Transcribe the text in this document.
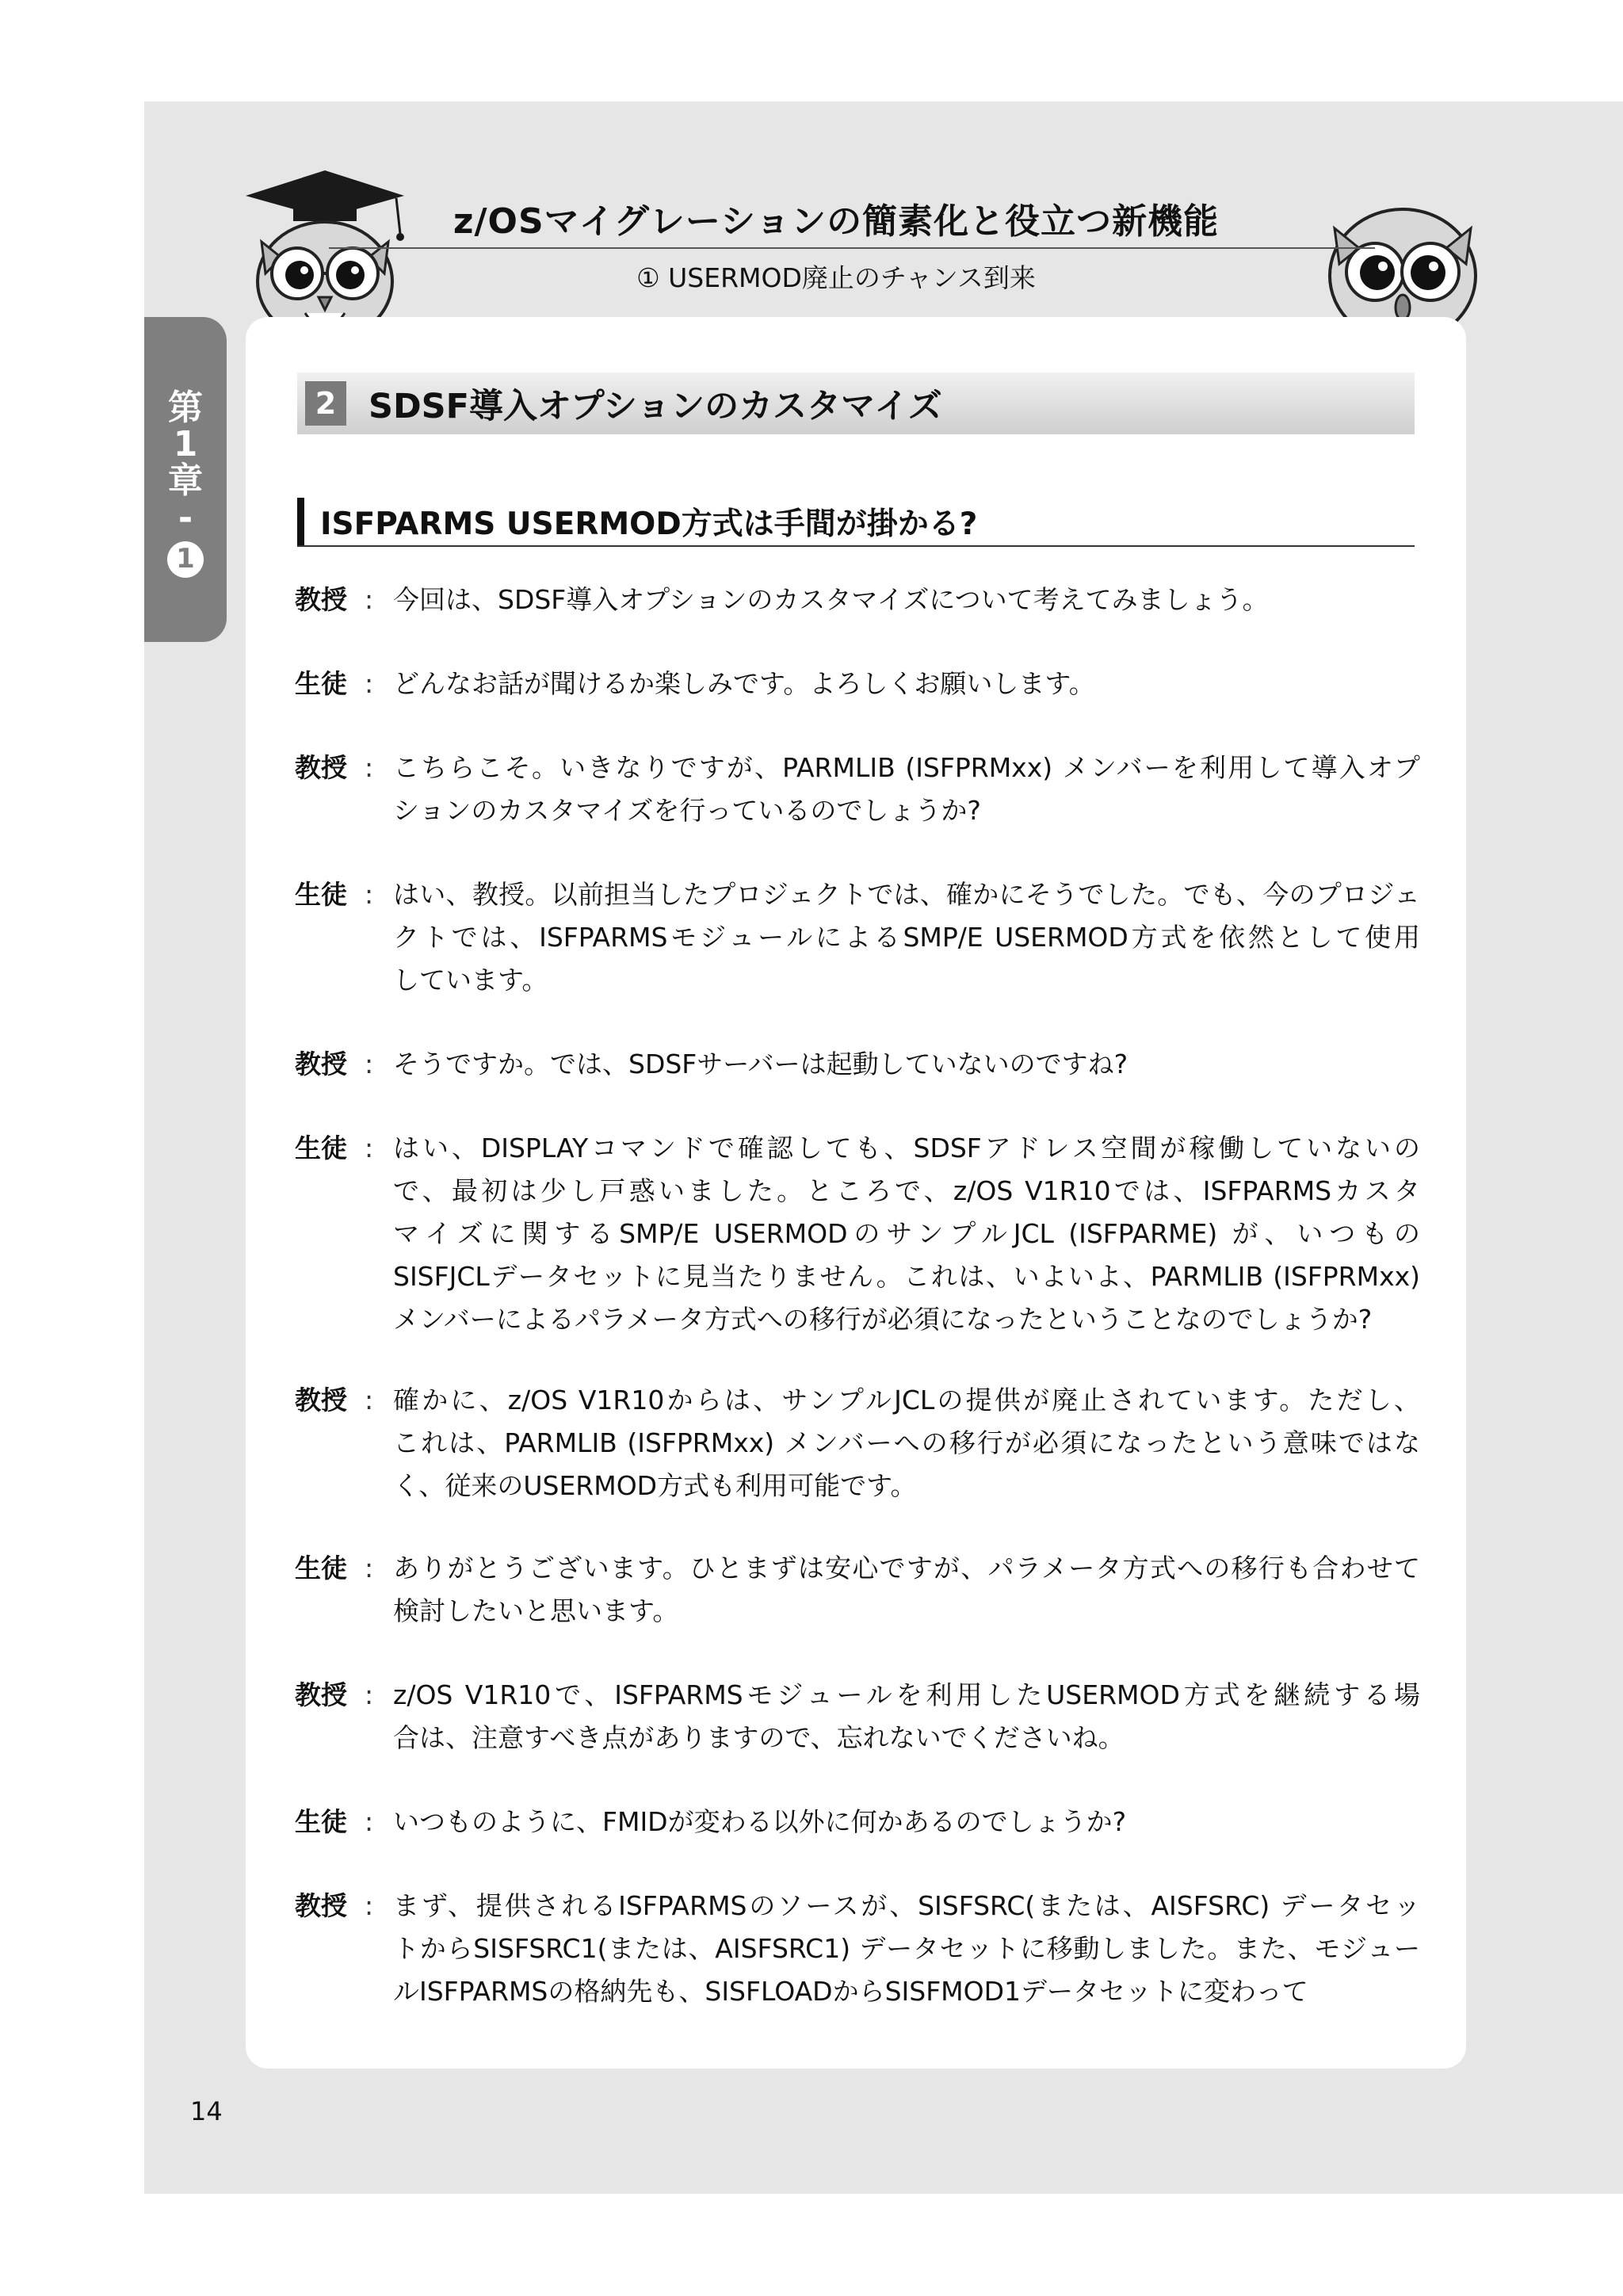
第
1
章
-
1
z/OSマイグレーションの簡素化と役立つ新機能
① USERMOD廃止のチャンス到来
2 SDSF導入オプションのカスタマイズ
ISFPARMS USERMOD方式は手間が掛かる?
教授 : 今回は、SDSF導入オプションのカスタマイズについて考えてみましょう。
生徒 : どんなお話が聞けるか楽しみです。よろしくお願いします。
教授 : こちらこそ。いきなりですが、PARMLIB (ISFPRMxx) メンバーを利用して導入オプ
ションのカスタマイズを行っているのでしょうか?
生徒 : はい、教授。以前担当したプロジェクトでは、確かにそうでした。でも、今のプロジェ
クトでは、ISFPARMSモジュールによるSMP/E USERMOD方式を依然として使用
しています。
教授 : そうですか。では、SDSFサーバーは起動していないのですね?
生徒 : はい、DISPLAYコマンドで確認しても、SDSFアドレス空間が稼働していないの
で、最初は少し戸惑いました。ところで、z/OS V1R10では、ISFPARMSカスタ
マイズに関するSMP/E USERMODのサンプルJCL (ISFPARME) が、いつもの
SISFJCLデータセットに見当たりません。これは、いよいよ、PARMLIB (ISFPRMxx)
メンバーによるパラメータ方式への移行が必須になったということなのでしょうか?
教授 : 確かに、z/OS V1R10からは、サンプルJCLの提供が廃止されています。ただし、
これは、PARMLIB (ISFPRMxx) メンバーへの移行が必須になったという意味ではな
く、従来のUSERMOD方式も利用可能です。
生徒 : ありがとうございます。ひとまずは安心ですが、パラメータ方式への移行も合わせて
検討したいと思います。
教授 : z/OS V1R10で、ISFPARMSモジュールを利用したUSERMOD方式を継続する場
合は、注意すべき点がありますので、忘れないでくださいね。
生徒 : いつものように、FMIDが変わる以外に何かあるのでしょうか?
教授 : まず、提供されるISFPARMSのソースが、SISFSRC(または、AISFSRC) データセッ
トからSISFSRC1(または、AISFSRC1) データセットに移動しました。また、モジュー
ルISFPARMSの格納先も、SISFLOADからSISFMOD1データセットに変わって
14
